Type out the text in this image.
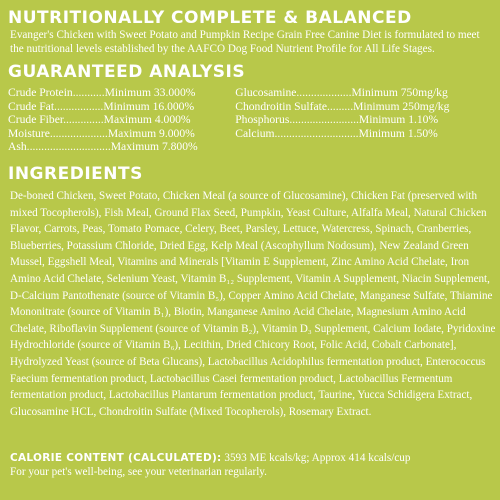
NUTRITIONALLY COMPLETE & BALANCED

Evanger's Chicken with Sweet Potato and Pumpkin Recipe Grain Free Canine Diet is formulated to meet the nutritional levels established by the AAFCO Dog Food Nutrient Profile for All Life Stages.

GUARANTEED ANALYSIS
Crude Protein...........Minimum 33.000%
Crude Fat.................Minimum 16.000%
Crude Fiber..............Maximum 4.000%
Moisture....................Maximum 9.000%
Ash.............................Maximum 7.800%
Glucosamine...................Minimum 750mg/kg
Chondroitin Sulfate.........Minimum 250mg/kg
Phosphorus........................Minimum 1.10%
Calcium.............................Minimum 1.50%
INGREDIENTS

De-boned Chicken, Sweet Potato, Chicken Meal (a source of Glucosamine), Chicken Fat (preserved with mixed Tocopherols), Fish Meal, Ground Flax Seed, Pumpkin, Yeast Culture, Alfalfa Meal, Natural Chicken Flavor, Carrots, Peas, Tomato Pomace, Celery, Beet, Parsley, Lettuce, Watercress, Spinach, Cranberries, Blueberries, Potassium Chloride, Dried Egg, Kelp Meal (Ascophyllum Nodosum), New Zealand Green Mussel, Eggshell Meal, Vitamins and Minerals [Vitamin E Supplement, Zinc Amino Acid Chelate, Iron Amino Acid Chelate, Selenium Yeast, Vitamin B₁₂ Supplement, Vitamin A Supplement, Niacin Supplement, D-Calcium Pantothenate (source of Vitamin B₅), Copper Amino Acid Chelate, Manganese Sulfate, Thiamine Mononitrate (source of Vitamin B₁), Biotin, Manganese Amino Acid Chelate, Magnesium Amino Acid Chelate, Riboflavin Supplement (source of Vitamin B₂), Vitamin D₃ Supplement, Calcium Iodate, Pyridoxine Hydrochloride (source of Vitamin B₆), Lecithin, Dried Chicory Root, Folic Acid, Cobalt Carbonate], Hydrolyzed Yeast (source of Beta Glucans), Lactobacillus Acidophilus fermentation product, Enterococcus Faecium fermentation product, Lactobacillus Casei fermentation product, Lactobacillus Fermentum fermentation product, Lactobacillus Plantarum fermentation product, Taurine, Yucca Schidigera Extract, Glucosamine HCL, Chondroitin Sulfate (Mixed Tocopherols), Rosemary Extract.

CALORIE CONTENT (CALCULATED): 3593 ME kcals/kg; Approx 414 kcals/cup
For your pet's well-being, see your veterinarian regularly.
